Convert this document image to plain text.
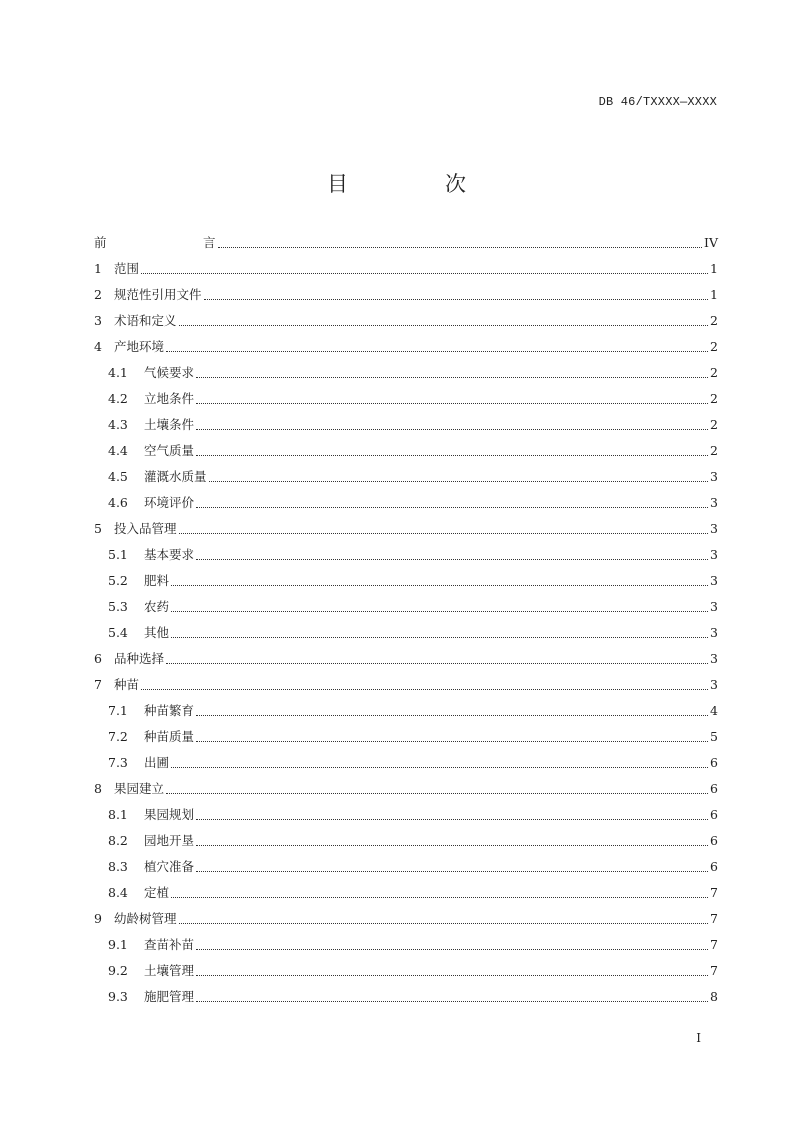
DB 46/TXXXX—XXXX
目　次
前　言	IV
1 范围	1
2 规范性引用文件	1
3 术语和定义	2
4 产地环境	2
4.1	气候要求	2
4.2	立地条件	2
4.3	土壤条件	2
4.4	空气质量	2
4.5	灌溉水质量	3
4.6	环境评价	3
5 投入品管理	3
5.1	基本要求	3
5.2	肥料	3
5.3	农药	3
5.4	其他	3
6 品种选择	3
7 种苗	3
7.1	种苗繁育	4
7.2	种苗质量	5
7.3	出圃	6
8 果园建立	6
8.1	果园规划	6
8.2	园地开垦	6
8.3	植穴准备	6
8.4	定植	7
9 幼龄树管理	7
9.1	查苗补苗	7
9.2	土壤管理	7
9.3	施肥管理	8
I
